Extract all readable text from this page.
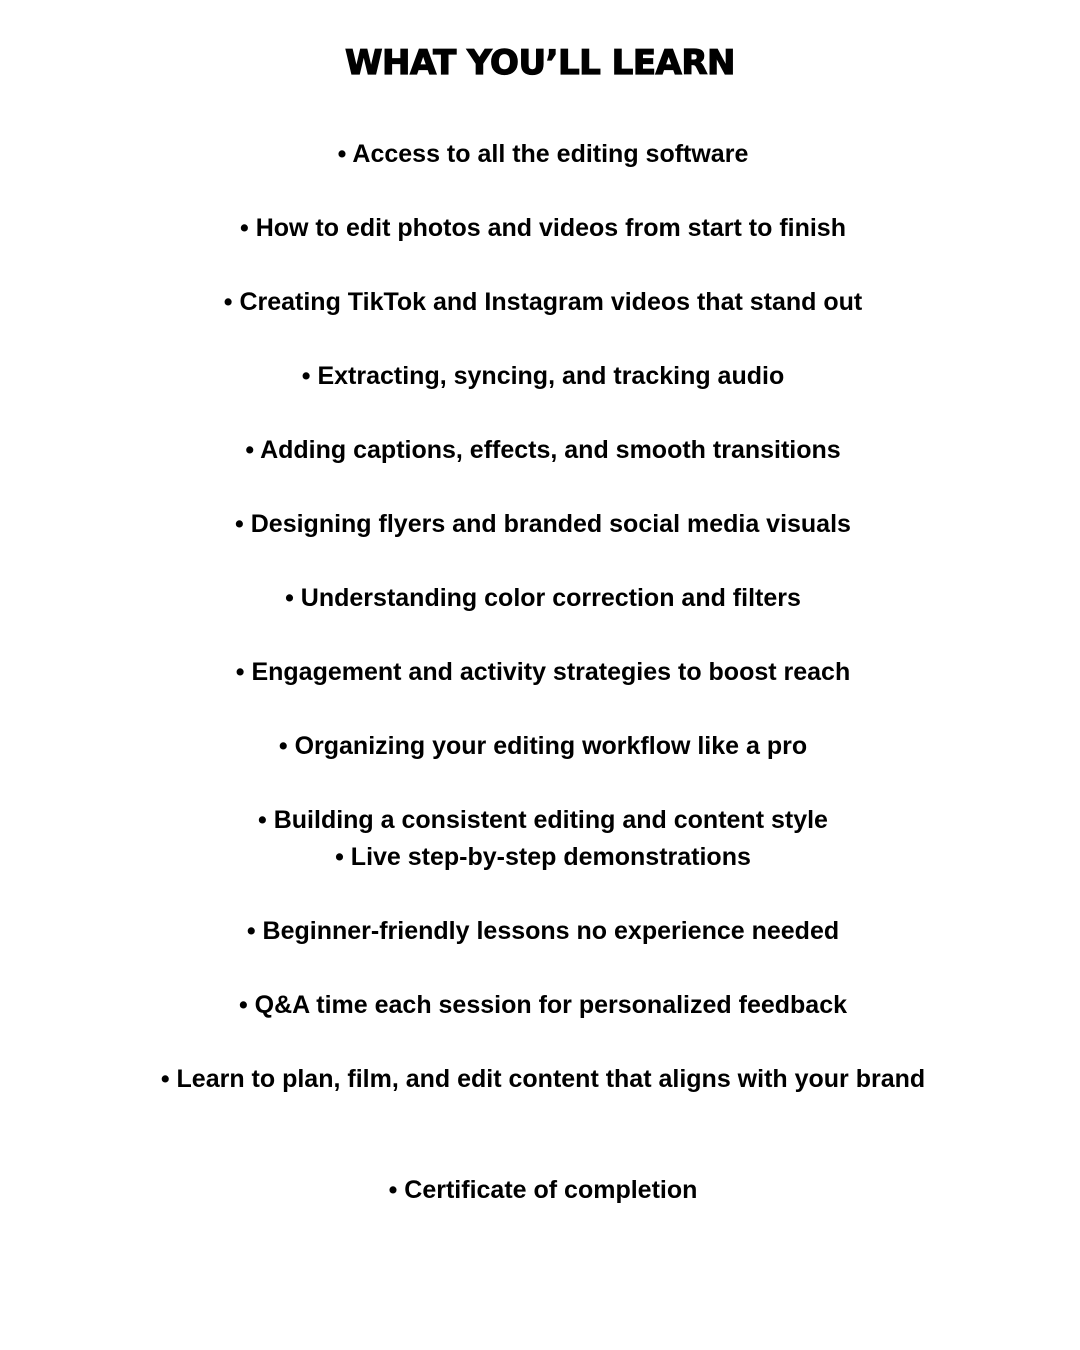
WHAT YOU’LL LEARN

• Access to all the editing software

• How to edit photos and videos from start to finish

• Creating TikTok and Instagram videos that stand out

• Extracting, syncing, and tracking audio

• Adding captions, effects, and smooth transitions

• Designing flyers and branded social media visuals

• Understanding color correction and filters

• Engagement and activity strategies to boost reach

• Organizing your editing workflow like a pro

• Building a consistent editing and content style

• Live step-by-step demonstrations

• Beginner-friendly lessons no experience needed

• Q&A time each session for personalized feedback

• Learn to plan, film, and edit content that aligns with your brand

• Certificate of completion
